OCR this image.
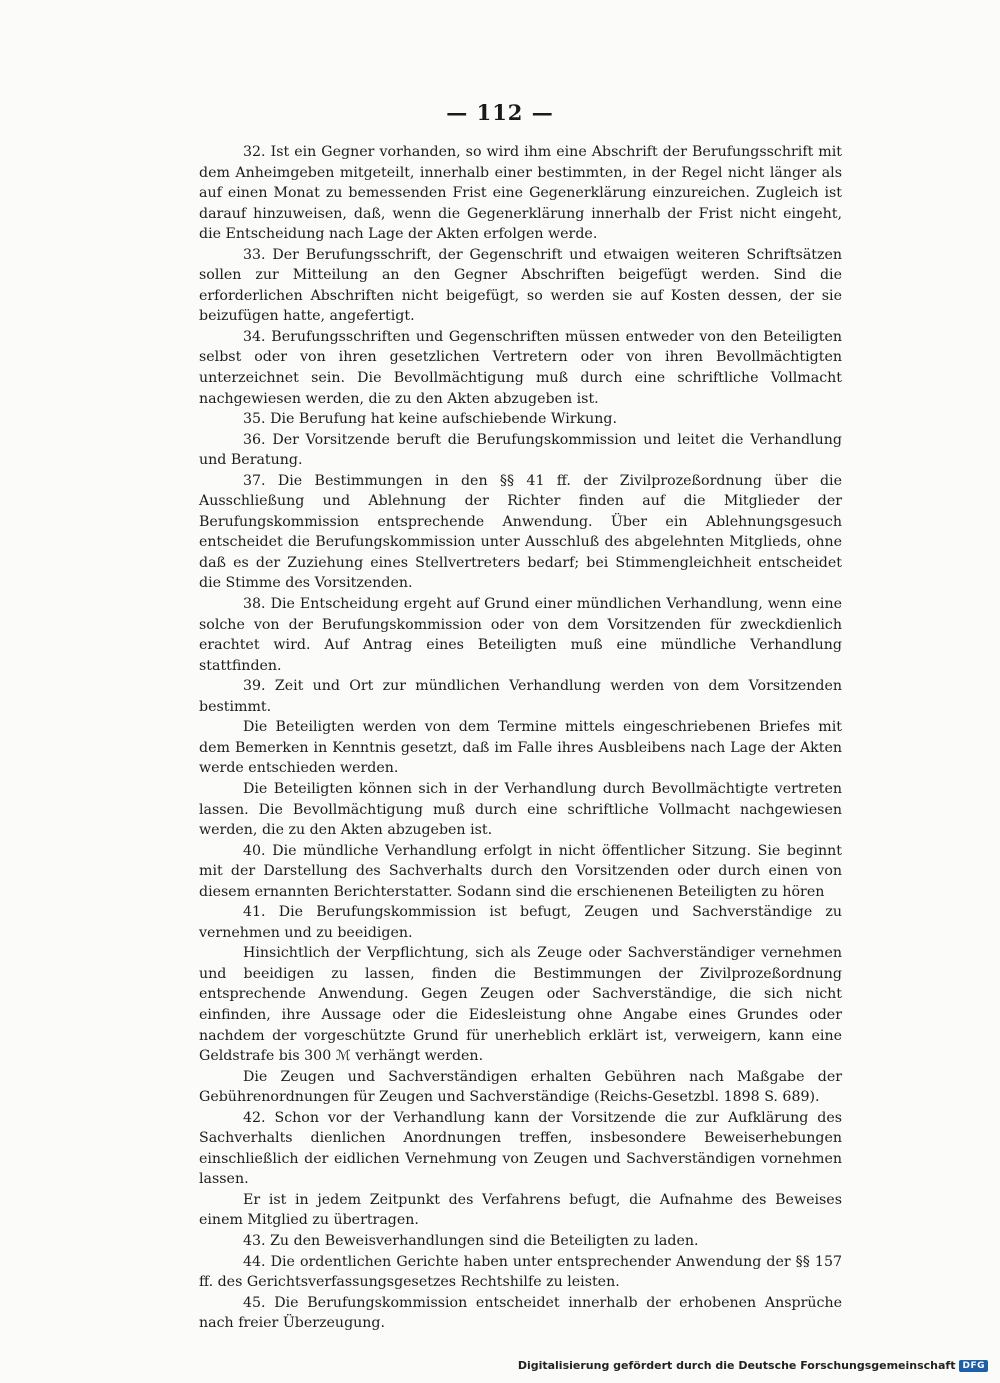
— 112 —

32. Ist ein Gegner vorhanden, so wird ihm eine Abschrift der Berufungsschrift mit dem Anheimgeben mitgeteilt, innerhalb einer bestimmten, in der Regel nicht länger als auf einen Monat zu bemessenden Frist eine Gegenerklärung einzureichen. Zugleich ist darauf hinzuweisen, daß, wenn die Gegenerklärung innerhalb der Frist nicht eingeht, die Entscheidung nach Lage der Akten erfolgen werde.

33. Der Berufungsschrift, der Gegenschrift und etwaigen weiteren Schriftsätzen sollen zur Mitteilung an den Gegner Abschriften beigefügt werden. Sind die erforderlichen Abschriften nicht beigefügt, so werden sie auf Kosten dessen, der sie beizufügen hatte, angefertigt.

34. Berufungsschriften und Gegenschriften müssen entweder von den Beteiligten selbst oder von ihren gesetzlichen Vertretern oder von ihren Bevollmächtigten unterzeichnet sein. Die Bevollmächtigung muß durch eine schriftliche Vollmacht nachgewiesen werden, die zu den Akten abzugeben ist.

35. Die Berufung hat keine aufschiebende Wirkung.

36. Der Vorsitzende beruft die Berufungskommission und leitet die Verhandlung und Beratung.

37. Die Bestimmungen in den §§ 41 ff. der Zivilprozeßordnung über die Ausschließung und Ablehnung der Richter finden auf die Mitglieder der Berufungskommission entsprechende Anwendung. Über ein Ablehnungsgesuch entscheidet die Berufungskommission unter Ausschluß des abgelehnten Mitglieds, ohne daß es der Zuziehung eines Stellvertreters bedarf; bei Stimmengleichheit entscheidet die Stimme des Vorsitzenden.

38. Die Entscheidung ergeht auf Grund einer mündlichen Verhandlung, wenn eine solche von der Berufungskommission oder von dem Vorsitzenden für zweckdienlich erachtet wird. Auf Antrag eines Beteiligten muß eine mündliche Verhandlung stattfinden.

39. Zeit und Ort zur mündlichen Verhandlung werden von dem Vorsitzenden bestimmt.

Die Beteiligten werden von dem Termine mittels eingeschriebenen Briefes mit dem Bemerken in Kenntnis gesetzt, daß im Falle ihres Ausbleibens nach Lage der Akten werde entschieden werden.

Die Beteiligten können sich in der Verhandlung durch Bevollmächtigte vertreten lassen. Die Bevollmächtigung muß durch eine schriftliche Vollmacht nachgewiesen werden, die zu den Akten abzugeben ist.

40. Die mündliche Verhandlung erfolgt in nicht öffentlicher Sitzung. Sie beginnt mit der Darstellung des Sachverhalts durch den Vorsitzenden oder durch einen von diesem ernannten Berichterstatter. Sodann sind die erschienenen Beteiligten zu hören

41. Die Berufungskommission ist befugt, Zeugen und Sachverständige zu vernehmen und zu beeidigen.

Hinsichtlich der Verpflichtung, sich als Zeuge oder Sachverständiger vernehmen und beeidigen zu lassen, finden die Bestimmungen der Zivilprozeßordnung entsprechende Anwendung. Gegen Zeugen oder Sachverständige, die sich nicht einfinden, ihre Aussage oder die Eidesleistung ohne Angabe eines Grundes oder nachdem der vorgeschützte Grund für unerheblich erklärt ist, verweigern, kann eine Geldstrafe bis 300 ℳ verhängt werden.

Die Zeugen und Sachverständigen erhalten Gebühren nach Maßgabe der Gebührenordnungen für Zeugen und Sachverständige (Reichs-Gesetzbl. 1898 S. 689).

42. Schon vor der Verhandlung kann der Vorsitzende die zur Aufklärung des Sachverhalts dienlichen Anordnungen treffen, insbesondere Beweiserhebungen einschließlich der eidlichen Vernehmung von Zeugen und Sachverständigen vornehmen lassen.

Er ist in jedem Zeitpunkt des Verfahrens befugt, die Aufnahme des Beweises einem Mitglied zu übertragen.

43. Zu den Beweisverhandlungen sind die Beteiligten zu laden.

44. Die ordentlichen Gerichte haben unter entsprechender Anwendung der §§ 157 ff. des Gerichtsverfassungsgesetzes Rechtshilfe zu leisten.

45. Die Berufungskommission entscheidet innerhalb der erhobenen Ansprüche nach freier Überzeugung.

Digitalisierung gefördert durch die Deutsche Forschungsgemeinschaft DFG
